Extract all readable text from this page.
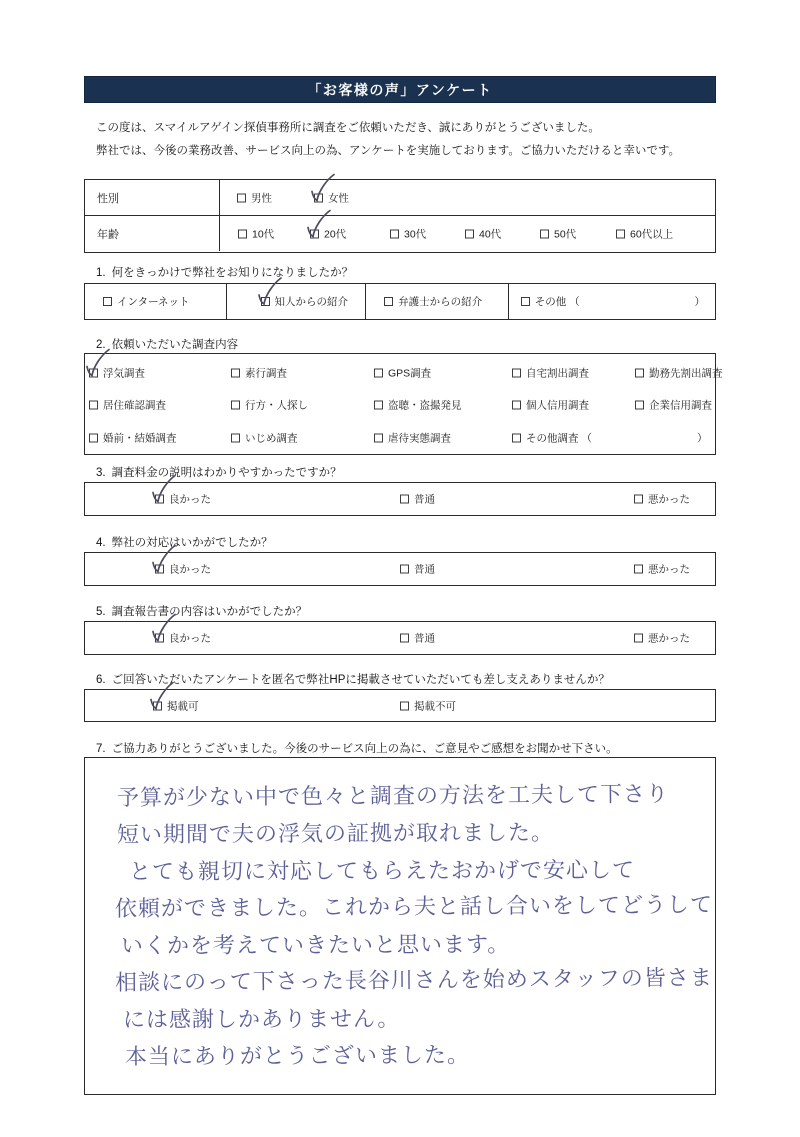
「お客様の声」アンケート
この度は、スマイルアゲイン探偵事務所に調査をご依頼いただき、誠にありがとうございました。
弊社では、今後の業務改善、サービス向上の為、アンケートを実施しております。ご協力いただけると幸いです。
性別	男性	女性
年齢	10代	20代	30代	40代	50代	60代以上
1. 何をきっかけで弊社をお知りになりましたか？
インターネット	知人からの紹介	弁護士からの紹介	その他 （	）
2. 依頼いただいた調査内容
浮気調査	素行調査	GPS調査	自宅割出調査	勤務先割出調査
居住確認調査	行方・人探し	盗聴・盗撮発見	個人信用調査	企業信用調査
婚前・結婚調査	いじめ調査	虐待実態調査	その他調査 （	）
3. 調査料金の説明はわかりやすかったですか？
良かった	普通	悪かった
4. 弊社の対応はいかがでしたか？
良かった	普通	悪かった
5. 調査報告書の内容はいかがでしたか？
良かった	普通	悪かった
6. ご回答いただいたアンケートを匿名で弊社HPに掲載させていただいても差し支えありませんか？
掲載可	掲載不可
7. ご協力ありがとうございました。今後のサービス向上の為に、ご意見やご感想をお聞かせ下さい。
予算が少ない中で色々と調査の方法を工夫して下さり
短い期間で夫の浮気の証拠が取れました。
とても親切に対応してもらえたおかげで安心して
依頼ができました。これから夫と話し合いをしてどうして
いくかを考えていきたいと思います。
相談にのって下さった長谷川さんを始めスタッフの皆さま
には感謝しかありません。
本当にありがとうございました。
